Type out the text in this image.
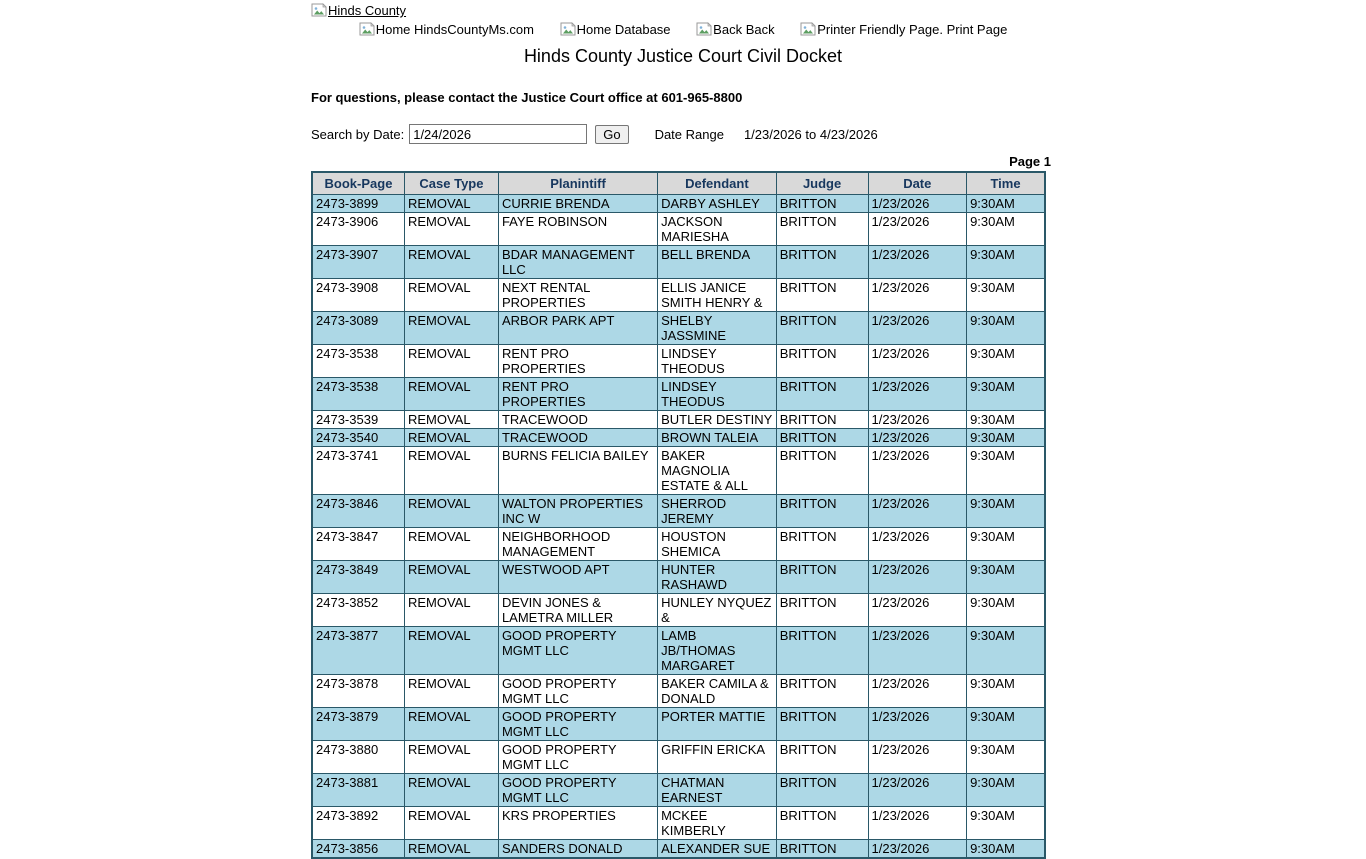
Hinds County
Home HindsCountyMs.com	Home Database	Back Back	Printer Friendly Page. Print Page
Hinds County Justice Court Civil Docket
For questions, please contact the Justice Court office at 601-965-8800
Search by Date:
1/24/2026	Go	Date Range 1/23/2026 to 4/23/2026
Page 1
Book-Page	Case Type	Planintiff	Defendant	Judge	Date	Time
2473-3899	REMOVAL	CURRIE BRENDA	DARBY ASHLEY	BRITTON	1/23/2026	9:30AM
2473-3906	REMOVAL	FAYE ROBINSON	JACKSON MARIESHA	BRITTON	1/23/2026	9:30AM
2473-3907	REMOVAL	BDAR MANAGEMENT LLC	BELL BRENDA	BRITTON	1/23/2026	9:30AM
2473-3908	REMOVAL	NEXT RENTAL PROPERTIES	ELLIS JANICE SMITH HENRY &	BRITTON	1/23/2026	9:30AM
2473-3089	REMOVAL	ARBOR PARK APT	SHELBY JASSMINE	BRITTON	1/23/2026	9:30AM
2473-3538	REMOVAL	RENT PRO PROPERTIES	LINDSEY THEODUS	BRITTON	1/23/2026	9:30AM
2473-3538	REMOVAL	RENT PRO PROPERTIES	LINDSEY THEODUS	BRITTON	1/23/2026	9:30AM
2473-3539	REMOVAL	TRACEWOOD	BUTLER DESTINY	BRITTON	1/23/2026	9:30AM
2473-3540	REMOVAL	TRACEWOOD	BROWN TALEIA	BRITTON	1/23/2026	9:30AM
2473-3741	REMOVAL	BURNS FELICIA BAILEY	BAKER MAGNOLIA ESTATE & ALL	BRITTON	1/23/2026	9:30AM
2473-3846	REMOVAL	WALTON PROPERTIES INC W	SHERROD JEREMY	BRITTON	1/23/2026	9:30AM
2473-3847	REMOVAL	NEIGHBORHOOD MANAGEMENT	HOUSTON SHEMICA	BRITTON	1/23/2026	9:30AM
2473-3849	REMOVAL	WESTWOOD APT	HUNTER RASHAWD	BRITTON	1/23/2026	9:30AM
2473-3852	REMOVAL	DEVIN JONES & LAMETRA MILLER	HUNLEY NYQUEZ &	BRITTON	1/23/2026	9:30AM
2473-3877	REMOVAL	GOOD PROPERTY MGMT LLC	LAMB JB/THOMAS MARGARET	BRITTON	1/23/2026	9:30AM
2473-3878	REMOVAL	GOOD PROPERTY MGMT LLC	BAKER CAMILA & DONALD	BRITTON	1/23/2026	9:30AM
2473-3879	REMOVAL	GOOD PROPERTY MGMT LLC	PORTER MATTIE	BRITTON	1/23/2026	9:30AM
2473-3880	REMOVAL	GOOD PROPERTY MGMT LLC	GRIFFIN ERICKA	BRITTON	1/23/2026	9:30AM
2473-3881	REMOVAL	GOOD PROPERTY MGMT LLC	CHATMAN EARNEST	BRITTON	1/23/2026	9:30AM
2473-3892	REMOVAL	KRS PROPERTIES	MCKEE KIMBERLY	BRITTON	1/23/2026	9:30AM
2473-3856	REMOVAL	SANDERS DONALD	ALEXANDER SUE	BRITTON	1/23/2026	9:30AM
